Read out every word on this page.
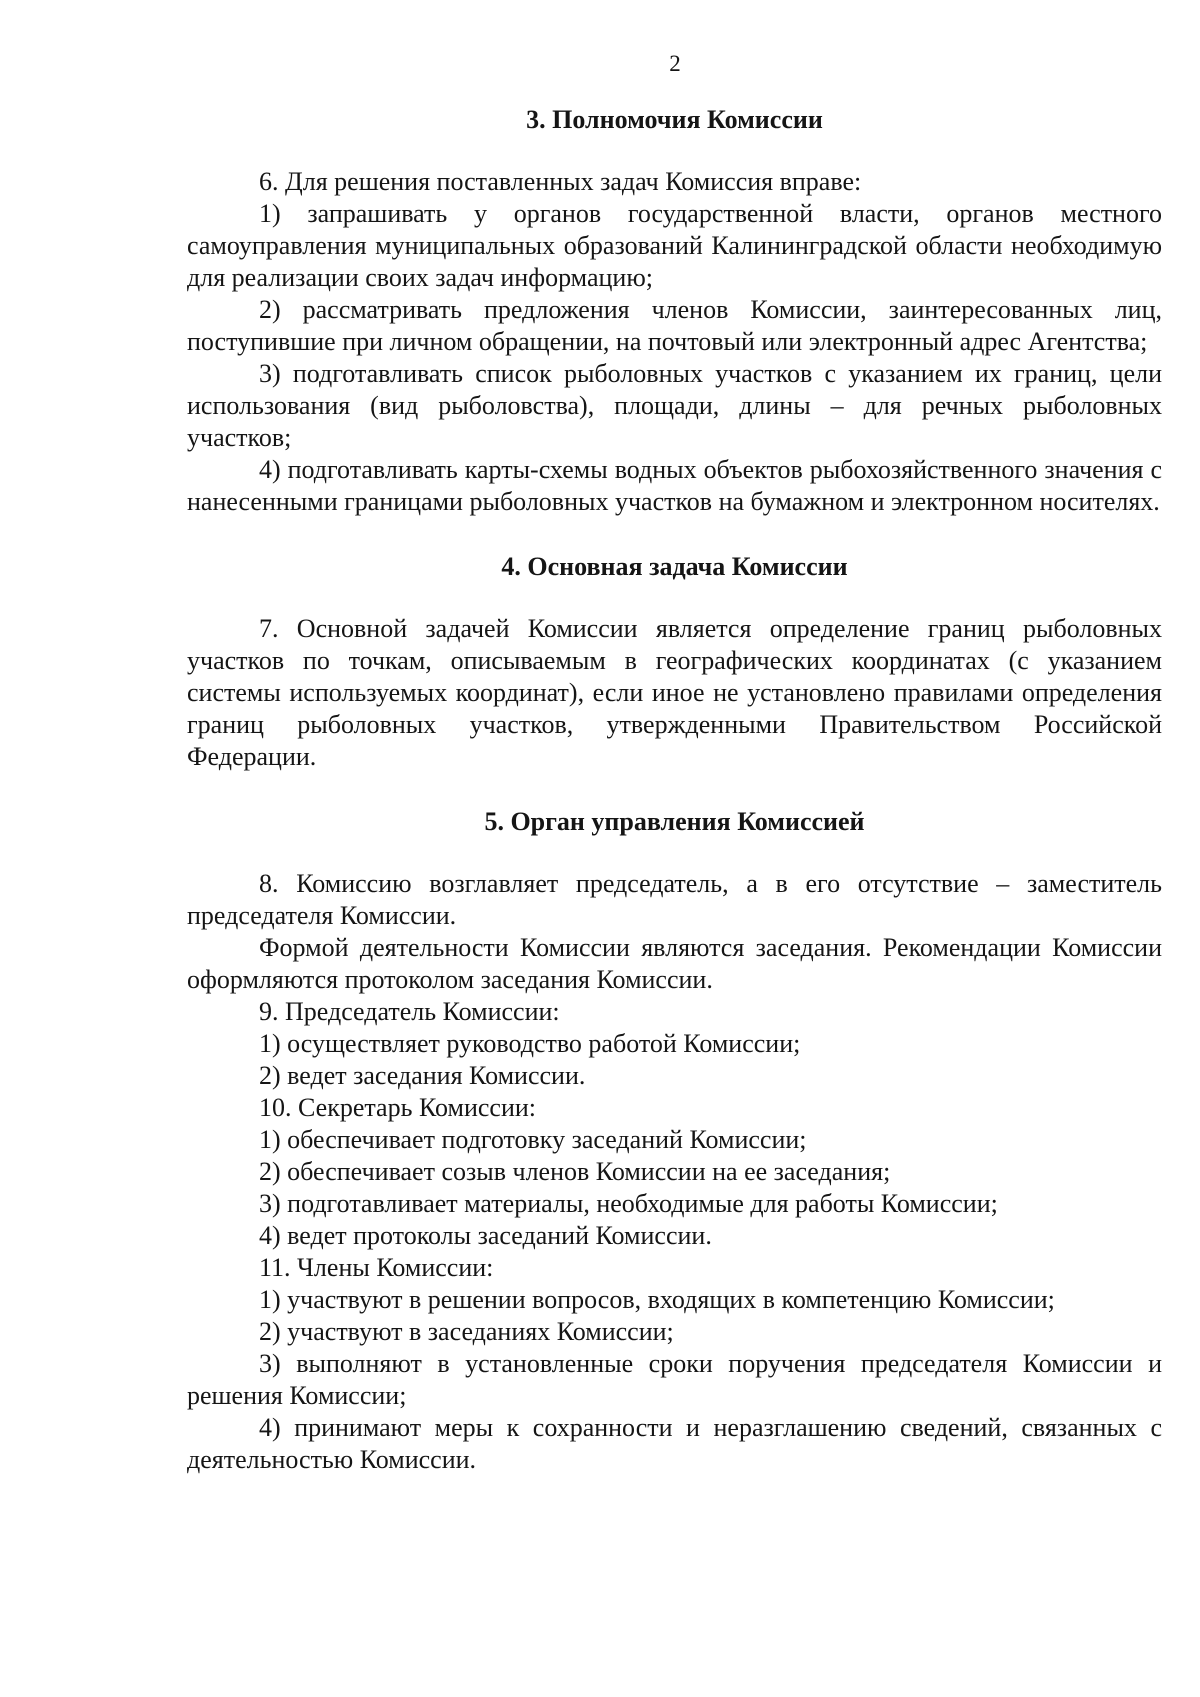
2

3. Полномочия Комиссии

6. Для решения поставленных задач Комиссия вправе:

1) запрашивать у органов государственной власти, органов местного самоуправления муниципальных образований Калининградской области необходимую для реализации своих задач информацию;

2) рассматривать предложения членов Комиссии, заинтересованных лиц, поступившие при личном обращении, на почтовый или электронный адрес Агентства;

3) подготавливать список рыболовных участков с указанием их границ, цели использования (вид рыболовства), площади, длины – для речных рыболовных участков;

4) подготавливать карты-схемы водных объектов рыбохозяйственного значения с нанесенными границами рыболовных участков на бумажном и электронном носителях.

4. Основная задача Комиссии

7. Основной задачей Комиссии является определение границ рыболовных участков по точкам, описываемым в географических координатах (с указанием системы используемых координат), если иное не установлено правилами определения границ рыболовных участков, утвержденными Правительством Российской Федерации.

5. Орган управления Комиссией

8. Комиссию возглавляет председатель, а в его отсутствие – заместитель председателя Комиссии.

Формой деятельности Комиссии являются заседания. Рекомендации Комиссии оформляются протоколом заседания Комиссии.

9. Председатель Комиссии:

1) осуществляет руководство работой Комиссии;

2) ведет заседания Комиссии.

10. Секретарь Комиссии:

1) обеспечивает подготовку заседаний Комиссии;

2) обеспечивает созыв членов Комиссии на ее заседания;

3) подготавливает материалы, необходимые для работы Комиссии;

4) ведет протоколы заседаний Комиссии.

11. Члены Комиссии:

1) участвуют в решении вопросов, входящих в компетенцию Комиссии;

2) участвуют в заседаниях Комиссии;

3) выполняют в установленные сроки поручения председателя Комиссии и решения Комиссии;

4) принимают меры к сохранности и неразглашению сведений, связанных с деятельностью Комиссии.
